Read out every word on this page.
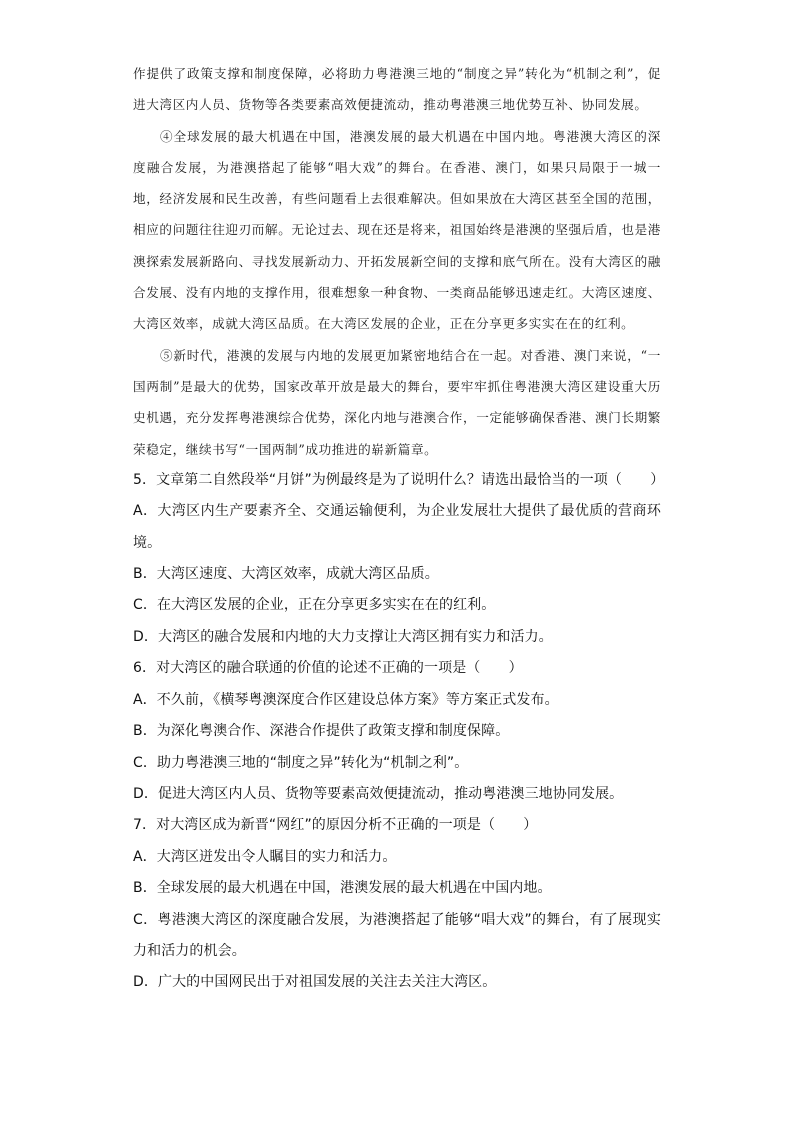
作提供了政策支撑和制度保障，必将助力粤港澳三地的“制度之异”转化为“机制之利”，促进大湾区内人员、货物等各类要素高效便捷流动，推动粤港澳三地优势互补、协同发展。

④全球发展的最大机遇在中国，港澳发展的最大机遇在中国内地。粤港澳大湾区的深度融合发展，为港澳搭起了能够“唱大戏”的舞台。在香港、澳门，如果只局限于一城一地，经济发展和民生改善，有些问题看上去很难解决。但如果放在大湾区甚至全国的范围，相应的问题往往迎刃而解。无论过去、现在还是将来，祖国始终是港澳的坚强后盾，也是港澳探索发展新路向、寻找发展新动力、开拓发展新空间的支撑和底气所在。没有大湾区的融合发展、没有内地的支撑作用，很难想象一种食物、一类商品能够迅速走红。大湾区速度、大湾区效率，成就大湾区品质。在大湾区发展的企业，正在分享更多实实在在的红利。

⑤新时代，港澳的发展与内地的发展更加紧密地结合在一起。对香港、澳门来说，“一国两制”是最大的优势，国家改革开放是最大的舞台，要牢牢抓住粤港澳大湾区建设重大历史机遇，充分发挥粤港澳综合优势，深化内地与港澳合作，一定能够确保香港、澳门长期繁荣稳定，继续书写“一国两制”成功推进的崭新篇章。

5．文章第二自然段举“月饼”为例最终是为了说明什么？请选出最恰当的一项（　　）

A．大湾区内生产要素齐全、交通运输便利，为企业发展壮大提供了最优质的营商环境。

B．大湾区速度、大湾区效率，成就大湾区品质。

C．在大湾区发展的企业，正在分享更多实实在在的红利。

D．大湾区的融合发展和内地的大力支撑让大湾区拥有实力和活力。

6．对大湾区的融合联通的价值的论述不正确的一项是（　　）

A．不久前，《横琴粤澳深度合作区建设总体方案》等方案正式发布。

B．为深化粤澳合作、深港合作提供了政策支撑和制度保障。

C．助力粤港澳三地的“制度之异”转化为“机制之利”。

D．促进大湾区内人员、货物等要素高效便捷流动，推动粤港澳三地协同发展。

7．对大湾区成为新晋“网红”的原因分析不正确的一项是（　　）

A．大湾区迸发出令人瞩目的实力和活力。

B．全球发展的最大机遇在中国，港澳发展的最大机遇在中国内地。

C．粤港澳大湾区的深度融合发展，为港澳搭起了能够“唱大戏”的舞台，有了展现实力和活力的机会。

D．广大的中国网民出于对祖国发展的关注去关注大湾区。
